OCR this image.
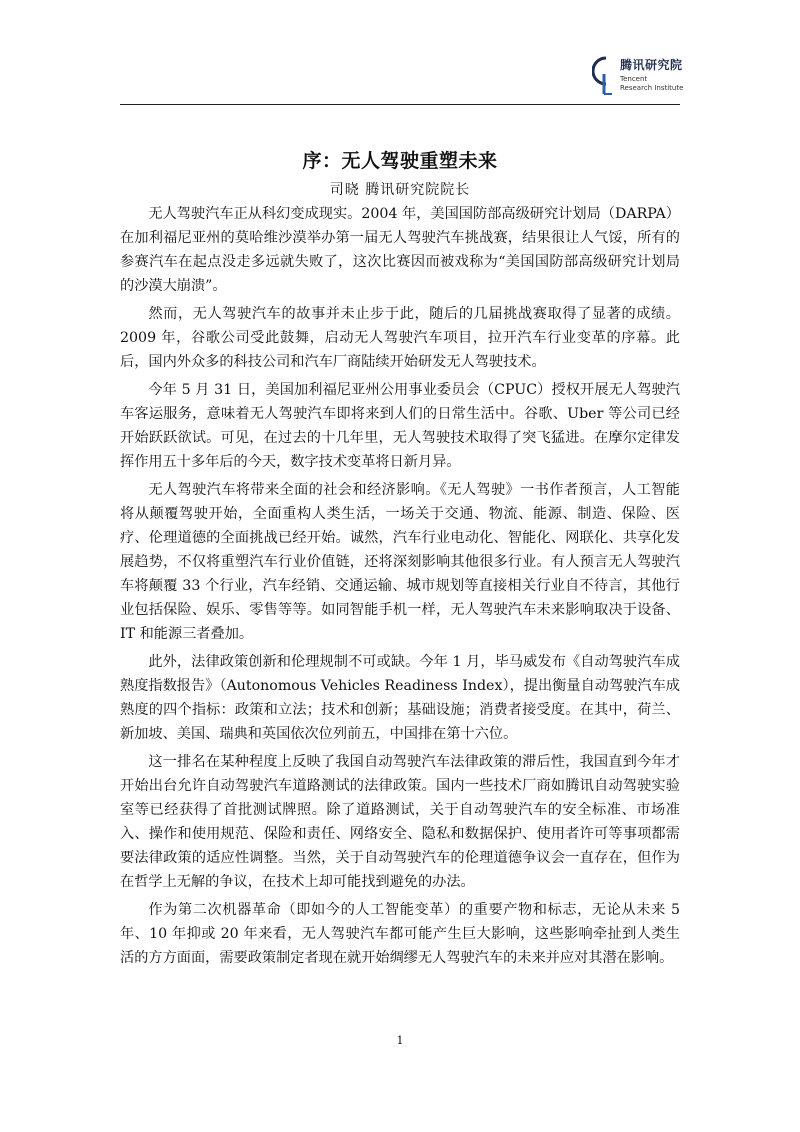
腾讯研究院
Tencent
Research Institute
序：无人驾驶重塑未来
司晓 腾讯研究院院长

无人驾驶汽车正从科幻变成现实。2004 年，美国国防部高级研究计划局（DARPA）在加利福尼亚州的莫哈维沙漠举办第一届无人驾驶汽车挑战赛，结果很让人气馁，所有的参赛汽车在起点没走多远就失败了，这次比赛因而被戏称为“美国国防部高级研究计划局的沙漠大崩溃”。

然而，无人驾驶汽车的故事并未止步于此，随后的几届挑战赛取得了显著的成绩。2009 年，谷歌公司受此鼓舞，启动无人驾驶汽车项目，拉开汽车行业变革的序幕。此后，国内外众多的科技公司和汽车厂商陆续开始研发无人驾驶技术。

今年 5 月 31 日，美国加利福尼亚州公用事业委员会（CPUC）授权开展无人驾驶汽车客运服务，意味着无人驾驶汽车即将来到人们的日常生活中。谷歌、Uber 等公司已经开始跃跃欲试。可见，在过去的十几年里，无人驾驶技术取得了突飞猛进。在摩尔定律发挥作用五十多年后的今天，数字技术变革将日新月异。

无人驾驶汽车将带来全面的社会和经济影响。《无人驾驶》一书作者预言，人工智能将从颠覆驾驶开始，全面重构人类生活，一场关于交通、物流、能源、制造、保险、医疗、伦理道德的全面挑战已经开始。诚然，汽车行业电动化、智能化、网联化、共享化发展趋势，不仅将重塑汽车行业价值链，还将深刻影响其他很多行业。有人预言无人驾驶汽车将颠覆 33 个行业，汽车经销、交通运输、城市规划等直接相关行业自不待言，其他行业包括保险、娱乐、零售等等。如同智能手机一样，无人驾驶汽车未来影响取决于设备、IT 和能源三者叠加。

此外，法律政策创新和伦理规制不可或缺。今年 1 月，毕马威发布《自动驾驶汽车成熟度指数报告》（Autonomous Vehicles Readiness Index），提出衡量自动驾驶汽车成熟度的四个指标：政策和立法；技术和创新；基础设施；消费者接受度。在其中，荷兰、新加坡、美国、瑞典和英国依次位列前五，中国排在第十六位。

这一排名在某种程度上反映了我国自动驾驶汽车法律政策的滞后性，我国直到今年才开始出台允许自动驾驶汽车道路测试的法律政策。国内一些技术厂商如腾讯自动驾驶实验室等已经获得了首批测试牌照。除了道路测试，关于自动驾驶汽车的安全标准、市场准入、操作和使用规范、保险和责任、网络安全、隐私和数据保护、使用者许可等事项都需要法律政策的适应性调整。当然，关于自动驾驶汽车的伦理道德争议会一直存在，但作为在哲学上无解的争议，在技术上却可能找到避免的办法。

作为第二次机器革命（即如今的人工智能变革）的重要产物和标志，无论从未来 5 年、10 年抑或 20 年来看，无人驾驶汽车都可能产生巨大影响，这些影响牵扯到人类生活的方方面面，需要政策制定者现在就开始绸缪无人驾驶汽车的未来并应对其潜在影响。

1
